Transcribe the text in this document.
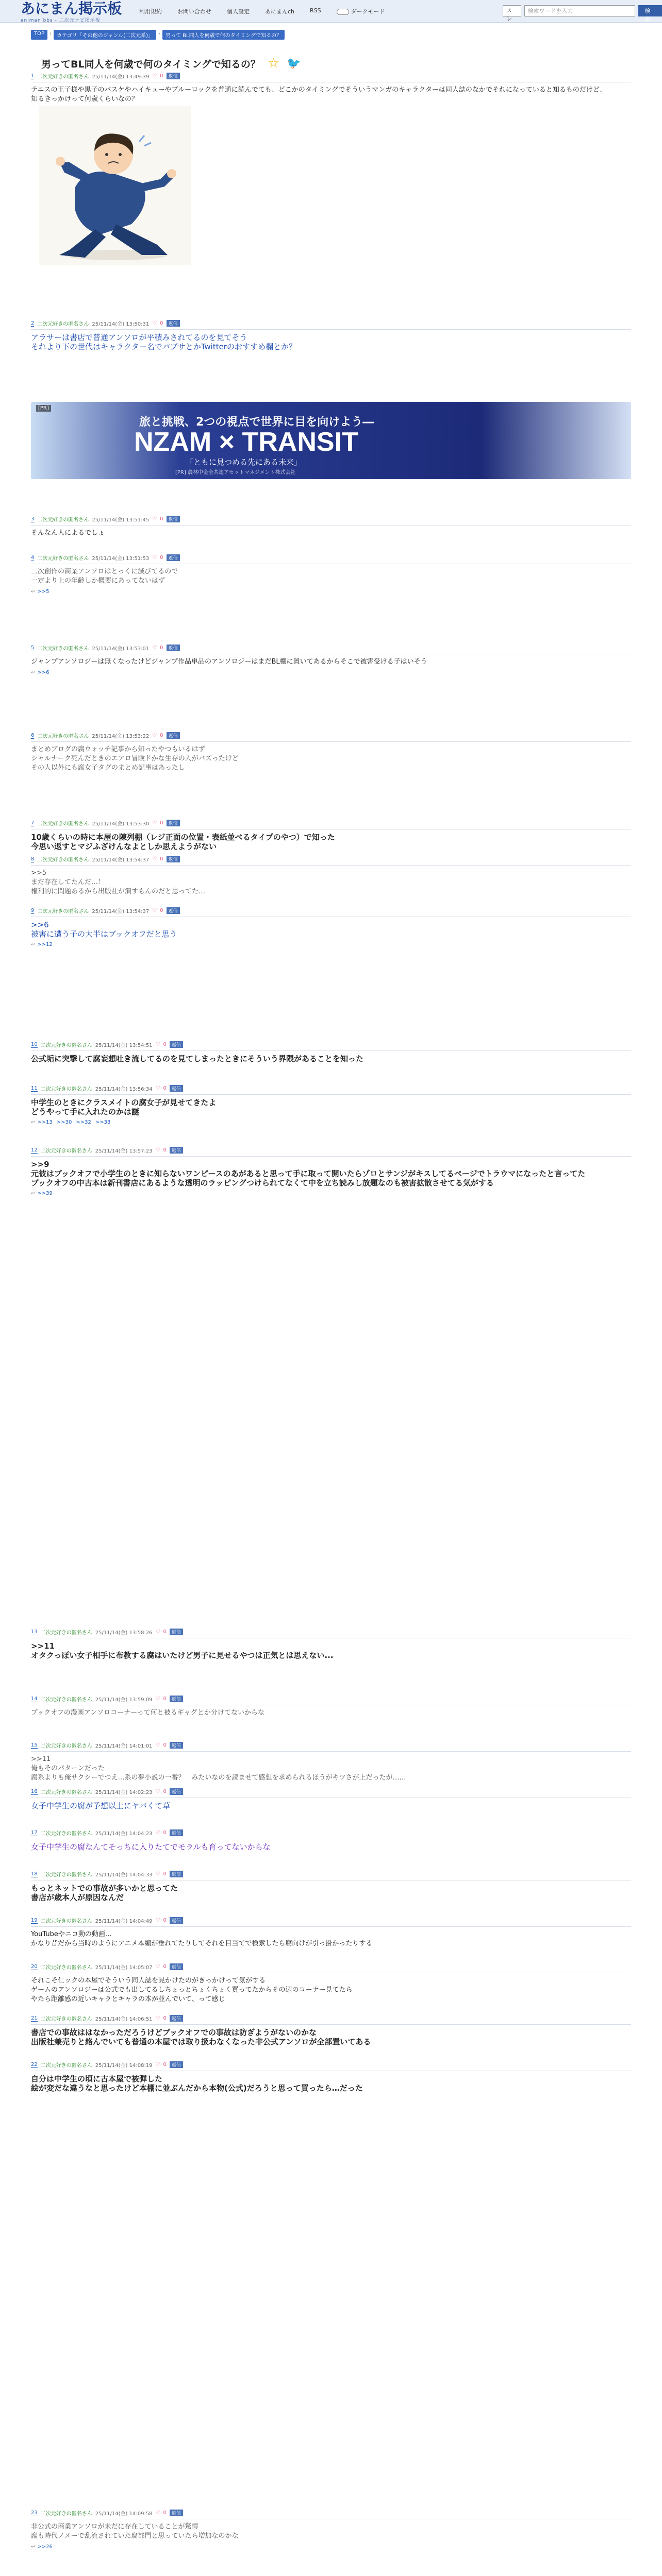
あにまん掲示板
animan bbs - 二次元ナビ掲示板
利用規約	お問い合わせ	個人設定	あにまんch	RSS	ダークモード	スレ
検索ワードを入力	検索
TOP	›	カテゴリ「その他のジャンル(二次元系)」	›	男って BL同人を何歳で何のタイミングで知るの？
男ってBL同人を何歳で何のタイミングで知るの？ ☆ 🐦
[PR]
旅と挑戦、2つの視点で世界に目を向けよう―
NZAM × TRANSIT
「ともに見つめる先にある未来」
[PR] 農林中金全共連アセットマネジメント株式会社
1 二次元好きの匿名さん 25/11/14(金) 13:49:39 ♡ 0	返信
テニスの王子様や黒子のバスケやハイキューやブルーロックを普通に読んでても、どこかのタイミングでそういうマンガのキャラクターは同人誌のなかでそれになっていると知るものだけど、知るきっかけって何歳くらいなの？
2 二次元好きの匿名さん 25/11/14(金) 13:50:31 ♡ 0	返信
アラサーは書店で普通アンソロが平積みされてるのを見てそう
それより下の世代はキャラクター名でパブサとかTwitterのおすすめ欄とか？
3 二次元好きの匿名さん 25/11/14(金) 13:51:45 ♡ 0	返信
そんなん人によるでしょ
4 二次元好きの匿名さん 25/11/14(金) 13:51:53 ♡ 0	返信
二次創作の商業アンソロはとっくに滅びてるので
一定より上の年齢しか概要にあってないはず
↩ >>5
5 二次元好きの匿名さん 25/11/14(金) 13:53:01 ♡ 0	返信
ジャンプアンソロジーは無くなったけどジャンプ作品単品のアンソロジーはまだBL棚に置いてあるからそこで被害受ける子はいそう
↩ >>6
6 二次元好きの匿名さん 25/11/14(金) 13:53:22 ♡ 0	返信
まとめブログの腐ウォッチ記事から知ったやつもいるはず
シャルナーク死んだときのエアロ冒険ドかな生存の人がバズったけど
その人以外にも腐女子タグのまとめ記事はあったし
7 二次元好きの匿名さん 25/11/14(金) 13:53:30 ♡ 0	返信
10歳くらいの時に本屋の陳列棚（レジ正面の位置・表紙並べるタイプのやつ）で知った
今思い返すとマジふざけんなよとしか思えようがない
8 二次元好きの匿名さん 25/11/14(金) 13:54:37 ♡ 0	返信
>>5
まだ存在してたんだ…！
権利的に問題あるから出版社が潰すもんのだと思ってた…
9 二次元好きの匿名さん 25/11/14(金) 13:54:37 ♡ 0	返信
>>6
被害に遭う子の大半はブックオフだと思う
↩ >>12
10 二次元好きの匿名さん 25/11/14(金) 13:54:51 ♡ 0	返信
公式垢に突撃して腐妄想吐き流してるのを見てしまったときにそういう界隈があることを知った
11 二次元好きの匿名さん 25/11/14(金) 13:56:34 ♡ 0	返信
中学生のときにクラスメイトの腐女子が見せてきたよ
どうやって手に入れたのかは謎
↩ >>13 >>30 >>32 >>33
12 二次元好きの匿名さん 25/11/14(金) 13:57:23 ♡ 0	返信
>>9
元彼はブックオフで小学生のときに知らないワンピースのあがあると思って手に取って開いたらゾロとサンジがキスしてるページでトラウマになったと言ってた
ブックオフの中古本は新刊書店にあるような透明のラッピングつけられてなくて中を立ち読みし放題なのも被害拡散させてる気がする
↩ >>39
13 二次元好きの匿名さん 25/11/14(金) 13:58:26 ♡ 0	返信
>>11
オタクっぽい女子相手に布教する腐はいたけど男子に見せるやつは正気とは思えない...
14 二次元好きの匿名さん 25/11/14(金) 13:59:09 ♡ 0	返信
ブックオフの漫画アンソロコーナーって何と被るギャグとか分けてないからな
15 二次元好きの匿名さん 25/11/14(金) 14:01:01 ♡ 0	返信
>>11
俺もそのパターンだった
腐系よりも俺サクシーでつえ…系の夢小説の一番？　みたいなのを読ませて感想を求められるほうがキツさが上だったが……
16 二次元好きの匿名さん 25/11/14(金) 14:02:23 ♡ 0	返信
女子中学生の腐が予想以上にヤバくて草
17 二次元好きの匿名さん 25/11/14(金) 14:04:23 ♡ 0	返信
女子中学生の腐なんてそっちに入りたてでモラルも育ってないからな
18 二次元好きの匿名さん 25/11/14(金) 14:04:33 ♡ 0	返信
もっとネットでの事故が多いかと思ってた
書店が歳本人が原因なんだ
19 二次元好きの匿名さん 25/11/14(金) 14:04:49 ♡ 0	返信
YouTubeやニコ動の動画…
かなり昔だから当時のようにアニメ本編が垂れてたりしてそれを目当てで検索したら腐向けが引っ掛かったりする
20 二次元好きの匿名さん 25/11/14(金) 14:05:07 ♡ 0	返信
それこそ仁ックの本屋でそういう同人誌を見かけたのがきっかけって気がする
ゲームのアンソロジーは公式でも出してるしちょっとちょくちょく買ってたからその辺のコーナー見てたら
やたら距離感の近いキャラとキャラの本が並んでいて、って感じ
21 二次元好きの匿名さん 25/11/14(金) 14:06:51 ♡ 0	返信
書店での事故ははなかっただろうけどブックオフでの事故は防ぎようがないのかな
出版社兼売りと絡んでいても普通の本屋では取り扱わなくなった非公式アンソロが全部置いてある
22 二次元好きの匿名さん 25/11/14(金) 14:08:19 ♡ 0	返信
自分は中学生の頃に古本屋で被弾した
絵が変だな違うなと思ったけど本棚に並ぶんだから本物(公式)だろうと思って買ったら…だった
23 二次元好きの匿名さん 25/11/14(金) 14:09:58 ♡ 0	返信
非公式の商業アンソロが未だに存在していることが驚愕
腐も時代ノメーで乱流されていた腐部門と思っていたら増加なのかな
↩ >>26
